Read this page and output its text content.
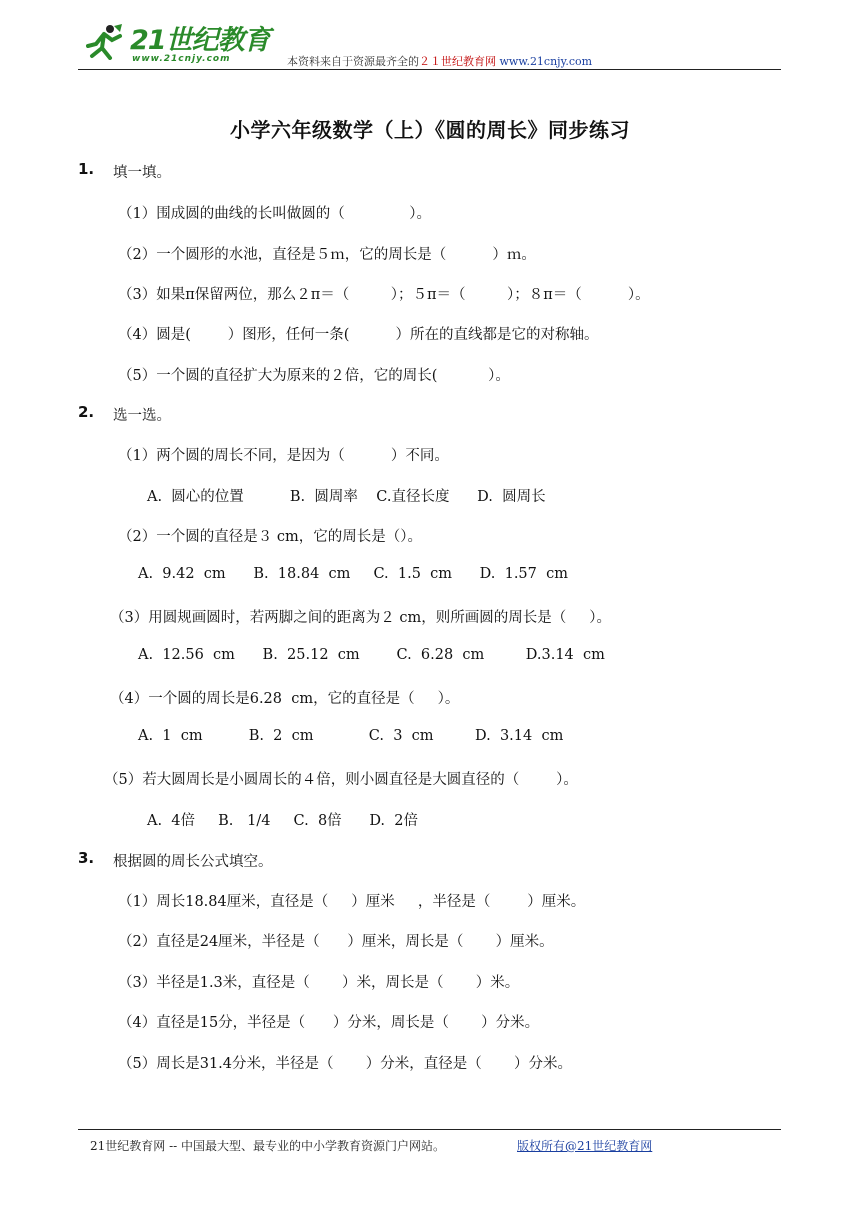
21世纪教育
www.21cnjy.com	本资料来自于资源最齐全的２１世纪教育网 www.21cnjy.com
小学六年级数学（上）《圆的周长》同步练习
1. 填一填。
（1）围成圆的曲线的长叫做圆的（              ）。
（2）一个圆形的水池，直径是５ｍ，它的周长是（          ）ｍ。
（3）如果π保留两位，那么２π＝（         ）；５π＝（         ）；８π＝（          ）。
（4）圆是(        ）图形，任何一条(          ）所在的直线都是它的对称轴。
（5）一个圆的直径扩大为原来的２倍，它的周长(           ）。
2. 选一选。
（1）两个圆的周长不同，是因为（          ）不同。
A.  圆心的位置          B.  圆周率    C.直径长度      D.  圆周长
（2）一个圆的直径是３ cm，它的周长是（）。
A.  9.42  cm      B.  18.84  cm     C.  1.5  cm      D.  1.57  cm
（3）用圆规画圆时，若两脚之间的距离为２ cm，则所画圆的周长是（     ）。
A.  12.56  cm      B.  25.12  cm        C.  6.28  cm         D.3.14  cm
（4）一个圆的周长是6.28  cm，它的直径是（     ）。
A.  1  cm          B.  2  cm            C.  3  cm         D.  3.14  cm
（5）若大圆周长是小圆周长的４倍，则小圆直径是大圆直径的（        ）。
A.  4倍     B.   1/4     C.  8倍      D.  2倍
3. 根据圆的周长公式填空。
（1）周长18.84厘米，直径是（     ）厘米     ，半径是（        ）厘米。
（2）直径是24厘米，半径是（      ）厘米，周长是（       ）厘米。
（3）半径是1.3米，直径是（       ）米，周长是（       ）米。
（4）直径是15分，半径是（      ）分米，周长是（       ）分米。
（5）周长是31.4分米，半径是（       ）分米，直径是（       ）分米。
21世纪教育网 -- 中国最大型、最专业的中小学教育资源门户网站。	版权所有@21世纪教育网
